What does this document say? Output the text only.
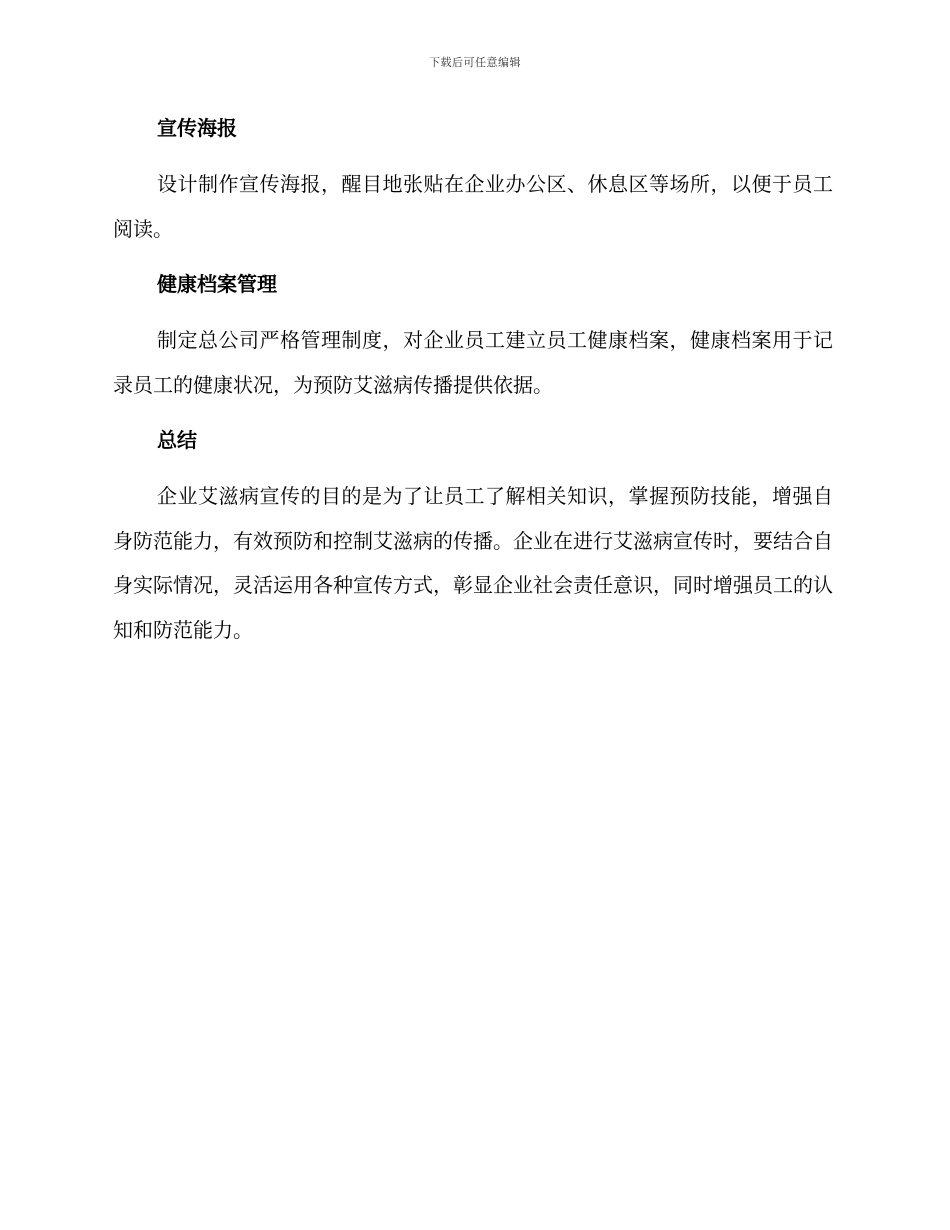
下载后可任意编辑
宣传海报

设计制作宣传海报，醒目地张贴在企业办公区、休息区等场所，以便于员工阅读。

健康档案管理

制定总公司严格管理制度，对企业员工建立员工健康档案，健康档案用于记录员工的健康状况，为预防艾滋病传播提供依据。

总结

企业艾滋病宣传的目的是为了让员工了解相关知识，掌握预防技能，增强自身防范能力，有效预防和控制艾滋病的传播。企业在进行艾滋病宣传时，要结合自身实际情况，灵活运用各种宣传方式，彰显企业社会责任意识，同时增强员工的认知和防范能力。
